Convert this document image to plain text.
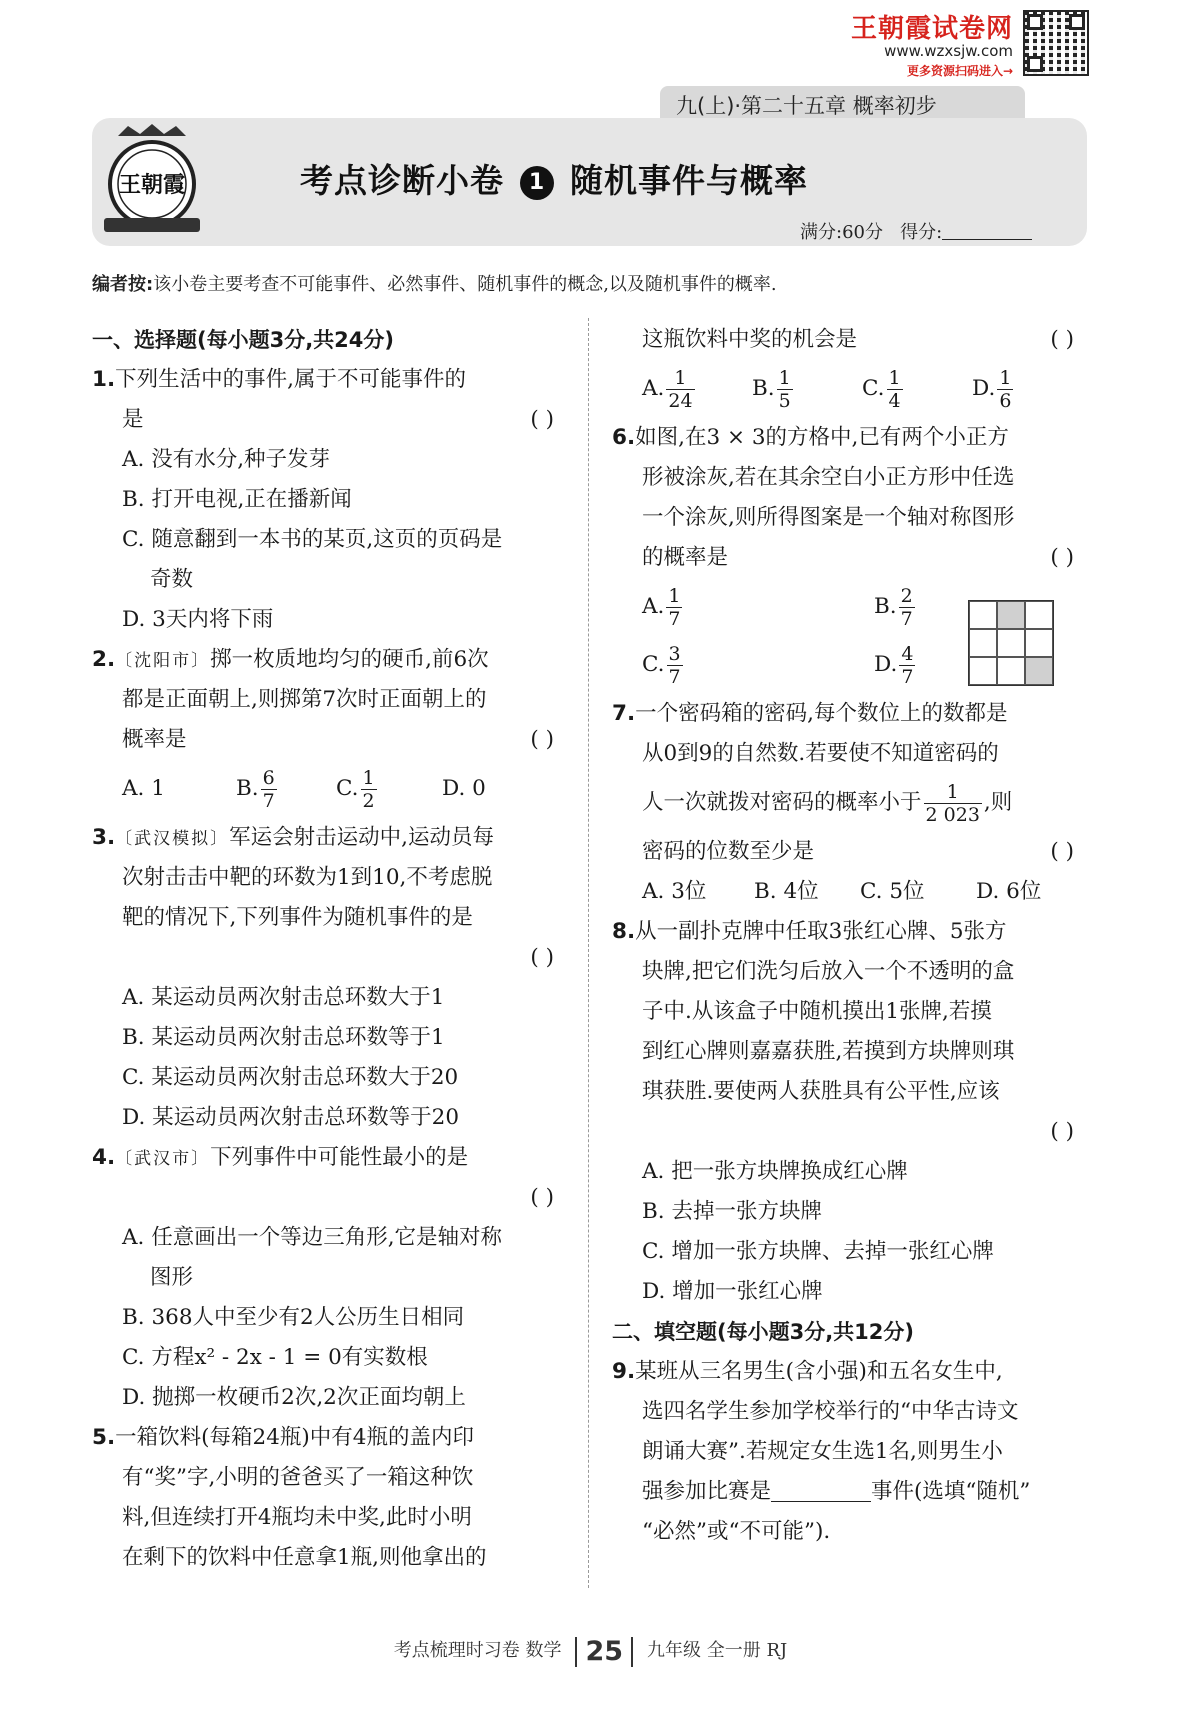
王朝霞试卷网
www.wzxsjw.com
更多资源扫码进入→
九(上)·第二十五章 概率初步
王朝霞	考点诊断小卷 1 随机事件与概率
满分:60分 得分:
编者按:该小卷主要考查不可能事件、必然事件、随机事件的概念,以及随机事件的概率.
一、选择题(每小题3分,共24分)
1.下列生活中的事件,属于不可能事件的
是	( )
A. 没有水分,种子发芽
B. 打开电视,正在播新闻
C. 随意翻到一本书的某页,这页的页码是
奇数
D. 3天内将下雨
2.〔沈阳市〕掷一枚质地均匀的硬币,前6次
都是正面朝上,则掷第7次时正面朝上的
概率是	( )
A. 1	B. $\frac{6}{7}$	C. $\frac{1}{2}$	D. 0
3.〔武汉模拟〕军运会射击运动中,运动员每
次射击击中靶的环数为1到10,不考虑脱
靶的情况下,下列事件为随机事件的是
( )
A. 某运动员两次射击总环数大于1
B. 某运动员两次射击总环数等于1
C. 某运动员两次射击总环数大于20
D. 某运动员两次射击总环数等于20
4.〔武汉市〕下列事件中可能性最小的是
( )
A. 任意画出一个等边三角形,它是轴对称
图形
B. 368人中至少有2人公历生日相同
C. 方程x² - 2x - 1 = 0有实数根
D. 抛掷一枚硬币2次,2次正面均朝上
5.一箱饮料(每箱24瓶)中有4瓶的盖内印
有“奖”字,小明的爸爸买了一箱这种饮
料,但连续打开4瓶均未中奖,此时小明
在剩下的饮料中任意拿1瓶,则他拿出的
这瓶饮料中奖的机会是	( )
A. $\frac{1}{24}$	B. $\frac{1}{5}$	C. $\frac{1}{4}$	D. $\frac{1}{6}$
6.如图,在3 × 3的方格中,已有两个小正方
形被涂灰,若在其余空白小正方形中任选
一个涂灰,则所得图案是一个轴对称图形
的概率是	( )
A. $\frac{1}{7}$	B. $\frac{2}{7}$
C. $\frac{3}{7}$	D. $\frac{4}{7}$
7.一个密码箱的密码,每个数位上的数都是
从0到9的自然数.若要使不知道密码的
人一次就拨对密码的概率小于 $\frac{1}{2 023}$ ,则
密码的位数至少是	( )
A. 3位 B. 4位 C. 5位 D. 6位
8.从一副扑克牌中任取3张红心牌、5张方
块牌,把它们洗匀后放入一个不透明的盒
子中.从该盒子中随机摸出1张牌,若摸
到红心牌则嘉嘉获胜,若摸到方块牌则琪
琪获胜.要使两人获胜具有公平性,应该
( )
A. 把一张方块牌换成红心牌
B. 去掉一张方块牌
C. 增加一张方块牌、去掉一张红心牌
D. 增加一张红心牌
二、填空题(每小题3分,共12分)
9.某班从三名男生(含小强)和五名女生中,
选四名学生参加学校举行的“中华古诗文
朗诵大赛”.若规定女生选1名,则男生小
强参加比赛是	事件(选填“随机”
“必然”或“不可能”).
考点梳理时习卷 数学 25 九年级 全一册 RJ
